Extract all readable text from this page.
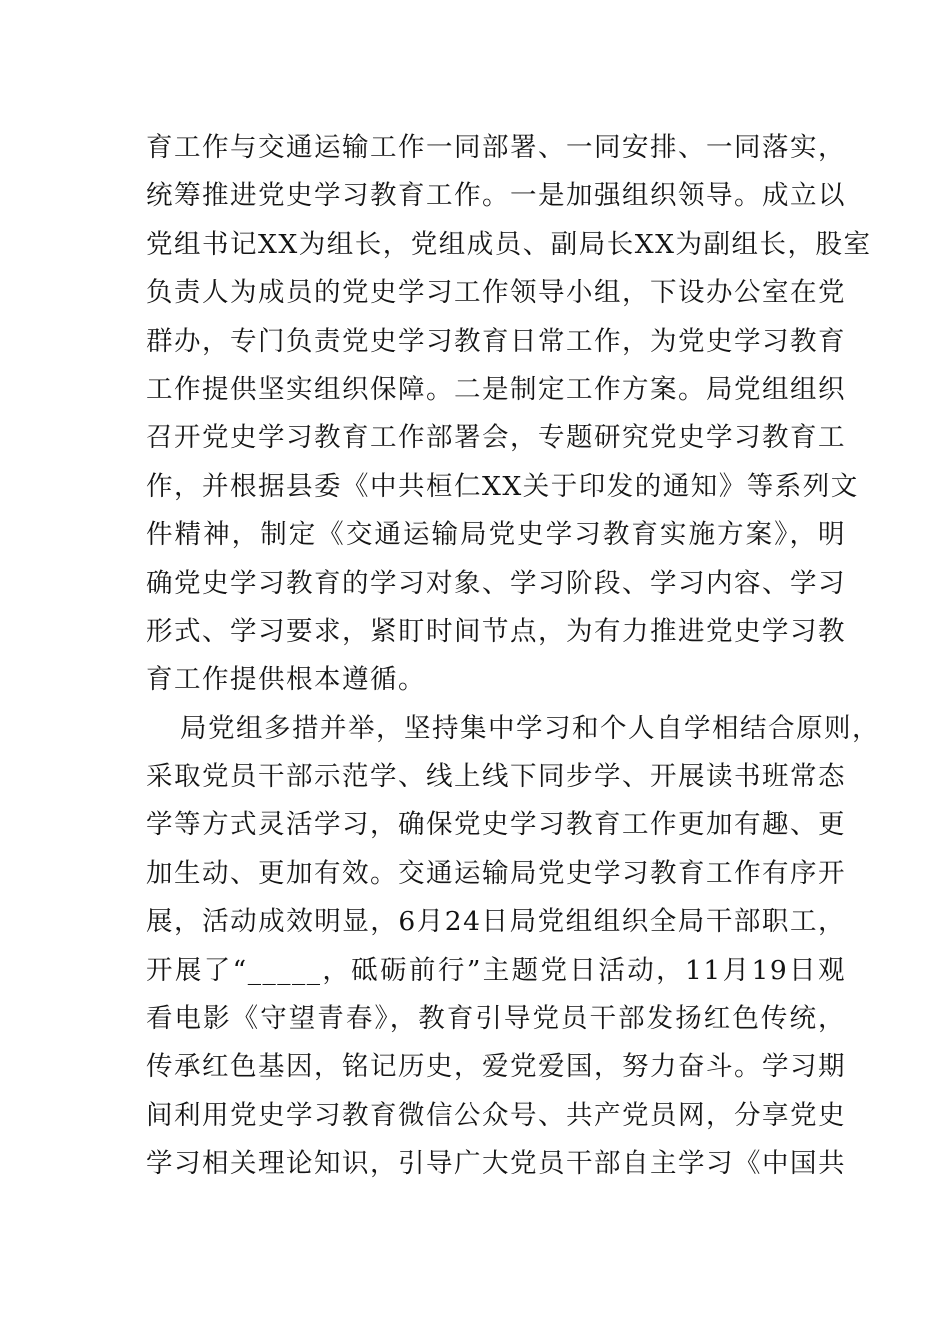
育工作与交通运输工作一同部署、一同安排、一同落实，
统筹推进党史学习教育工作。一是加强组织领导。成立以
党组书记XX为组长，党组成员、副局长XX为副组长，股室
负责人为成员的党史学习工作领导小组，下设办公室在党
群办，专门负责党史学习教育日常工作，为党史学习教育
工作提供坚实组织保障。二是制定工作方案。局党组组织
召开党史学习教育工作部署会，专题研究党史学习教育工
作，并根据县委《中共桓仁XX关于印发的通知》等系列文
件精神，制定《交通运输局党史学习教育实施方案》，明
确党史学习教育的学习对象、学习阶段、学习内容、学习
形式、学习要求，紧盯时间节点，为有力推进党史学习教
育工作提供根本遵循。
局党组多措并举，坚持集中学习和个人自学相结合原则，
采取党员干部示范学、线上线下同步学、开展读书班常态
学等方式灵活学习，确保党史学习教育工作更加有趣、更
加生动、更加有效。交通运输局党史学习教育工作有序开
展，活动成效明显，6月24日局党组组织全局干部职工，
开展了“_____，砥砺前行”主题党日活动，11月19日观
看电影《守望青春》，教育引导党员干部发扬红色传统，
传承红色基因，铭记历史，爱党爱国，努力奋斗。学习期
间利用党史学习教育微信公众号、共产党员网，分享党史
学习相关理论知识，引导广大党员干部自主学习《中国共
